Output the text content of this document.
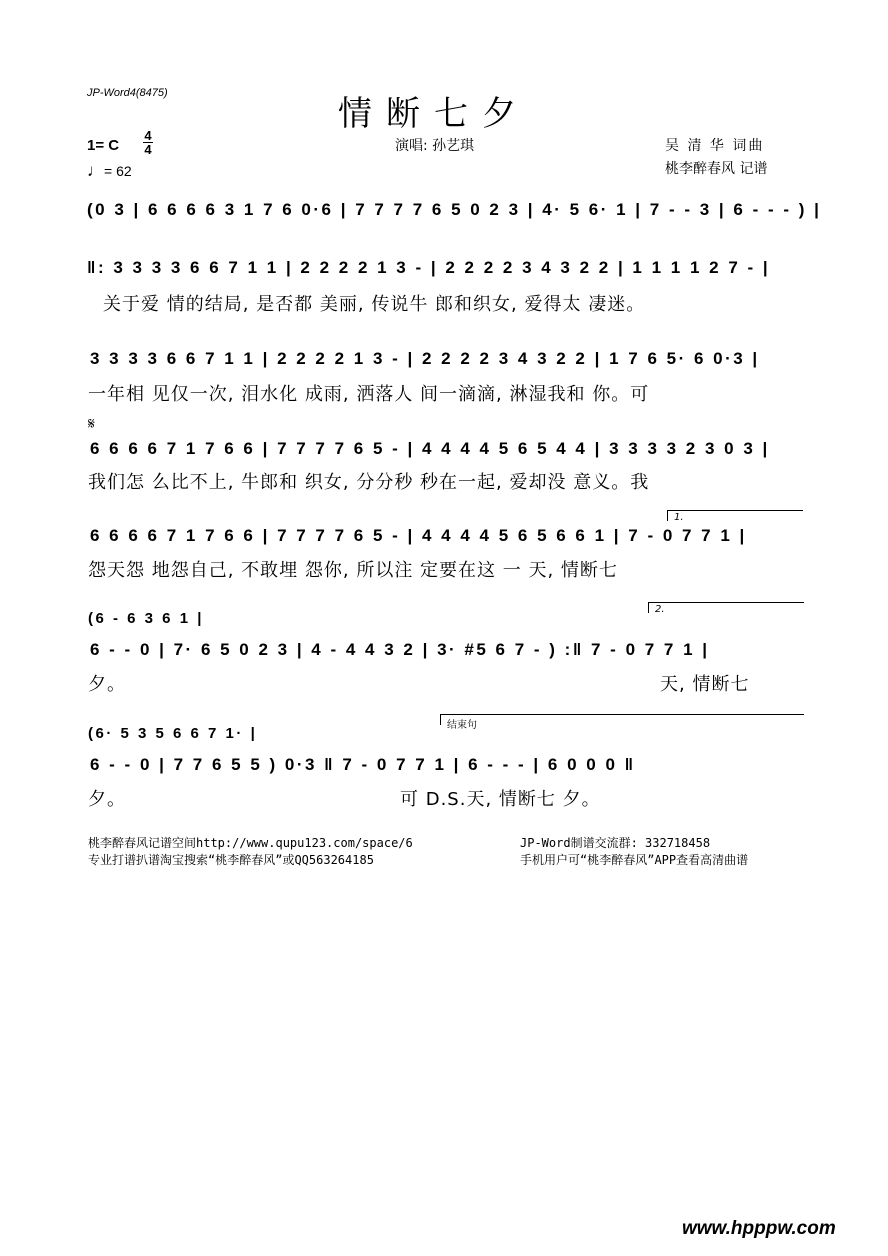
JP-Word4(8475)
情断七夕
演唱: 孙艺琪	吴 清 华 词曲
桃李醉春风 记谱
1= C
4
4
♩= 62
(0 3 | 6 6 6 6 3 1 7 6 0·6 | 7 7 7 7 6 5 0 2 3 | 4· 5 6· 1 | 7 - - 3 | 6 - - - ) |
‖: 3 3 3 3 6 6 7 1 1 | 2 2 2 2 1 3 - | 2 2 2 2 3 4 3 2 2 | 1 1 1 1 2 7 - |
关于爱 情的结局, 是否都 美丽, 传说牛 郎和织女, 爱得太 凄迷。
3 3 3 3 6 6 7 1 1 | 2 2 2 2 1 3 - | 2 2 2 2 3 4 3 2 2 | 1 7 6 5· 6 0·3 |
一年相 见仅一次, 泪水化 成雨, 洒落人 间一滴滴, 淋湿我和 你。可
𝄋
6 6 6 6 7 1 7 6 6 | 7 7 7 7 6 5 - | 4 4 4 4 5 6 5 4 4 | 3 3 3 3 2 3 0 3 |
我们怎 么比不上, 牛郎和 织女, 分分秒 秒在一起, 爱却没 意义。我
1.
6 6 6 6 7 1 7 6 6 | 7 7 7 7 6 5 - | 4 4 4 4 5 6 5 6 6 1 | 7 - 0 7 7 1 |
怨天怨 地怨自己, 不敢埋 怨你, 所以注 定要在这 一 天, 情断七
(6 - 6 3 6 1 |
2.
6 - - 0 | 7· 6 5 0 2 3 | 4 - 4 4 3 2 | 3· #5 6 7 - ) :‖ 7 - 0 7 7 1 |
夕。	天, 情断七
(6· 5 3 5 6 6 7 1· |	结束句
6 - - 0 | 7 7 6 5 5 ) 0·3 ‖ 7 - 0 7 7 1 | 6 - - - | 6 0 0 0 ‖
夕。	可 D.S.天, 情断七 夕。
桃李醉春风记谱空间http://www.qupu123.com/space/6
专业打谱扒谱淘宝搜索“桃李醉春风”或QQ563264185
JP-Word制谱交流群: 332718458
手机用户可“桃李醉春风”APP查看高清曲谱
www.hpppw.com
